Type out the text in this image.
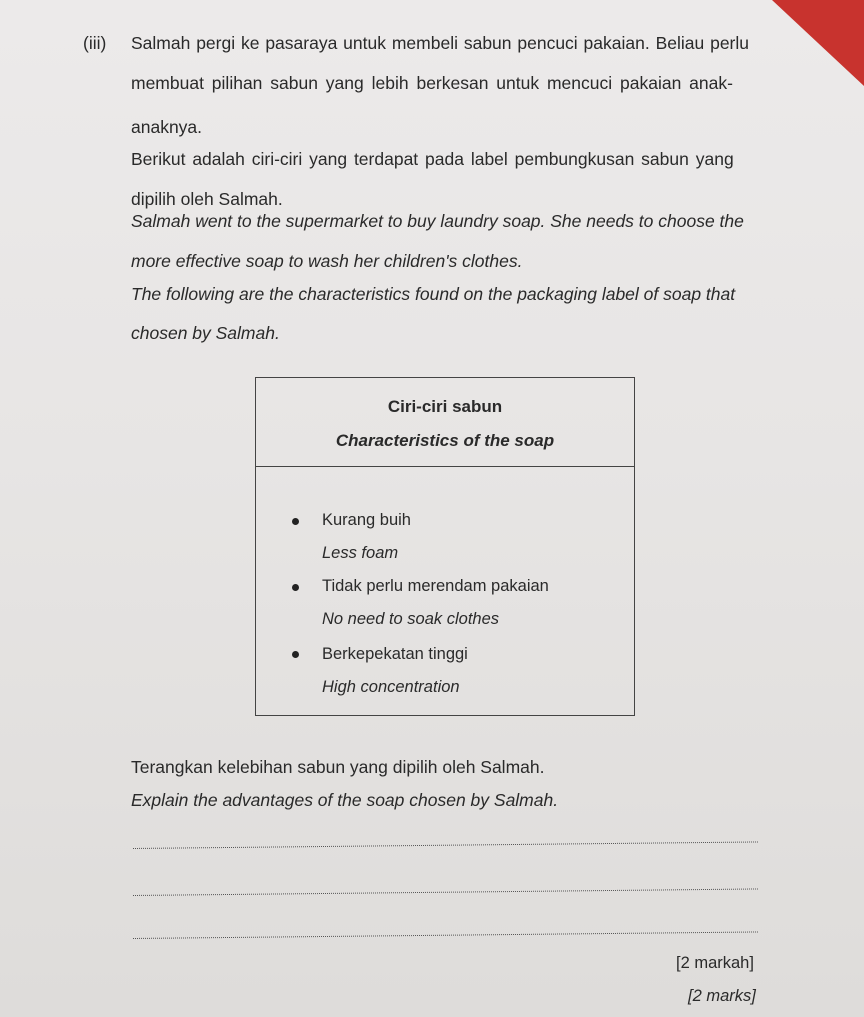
(iii) Salmah pergi ke pasaraya untuk membeli sabun pencuci pakaian. Beliau perlu
membuat pilihan sabun yang lebih berkesan untuk mencuci pakaian anak-
anaknya.
Berikut adalah ciri-ciri yang terdapat pada label pembungkusan sabun yang
dipilih oleh Salmah.
Salmah went to the supermarket to buy laundry soap. She needs to choose the
more effective soap to wash her children's clothes.
The following are the characteristics found on the packaging label of soap that
chosen by Salmah.
Ciri-ciri sabun
Characteristics of the soap
Kurang buih
Less foam
Tidak perlu merendam pakaian
No need to soak clothes
Berkepekatan tinggi
High concentration
Terangkan kelebihan sabun yang dipilih oleh Salmah.
Explain the advantages of the soap chosen by Salmah.
[2 markah]
[2 marks]
